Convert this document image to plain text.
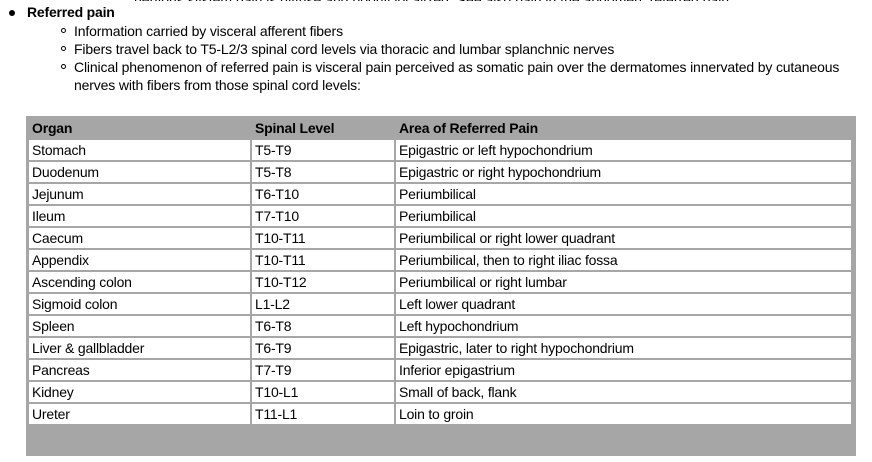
Referred pain
Information carried by visceral afferent fibers
Fibers travel back to T5-L2/3 spinal cord levels via thoracic and lumbar splanchnic nerves
Clinical phenomenon of referred pain is visceral pain perceived as somatic pain over the dermatomes innervated by cutaneous nerves with fibers from those spinal cord levels:
Organ	Spinal Level	Area of Referred Pain
Stomach	T5-T9	Epigastric or left hypochondrium
Duodenum	T5-T8	Epigastric or right hypochondrium
Jejunum	T6-T10	Periumbilical
Ileum	T7-T10	Periumbilical
Caecum	T10-T11	Periumbilical or right lower quadrant
Appendix	T10-T11	Periumbilical, then to right iliac fossa
Ascending colon	T10-T12	Periumbilical or right lumbar
Sigmoid colon	L1-L2	Left lower quadrant
Spleen	T6-T8	Left hypochondrium
Liver & gallbladder	T6-T9	Epigastric, later to right hypochondrium
Pancreas	T7-T9	Inferior epigastrium
Kidney	T10-L1	Small of back, flank
Ureter	T11-L1	Loin to groin
